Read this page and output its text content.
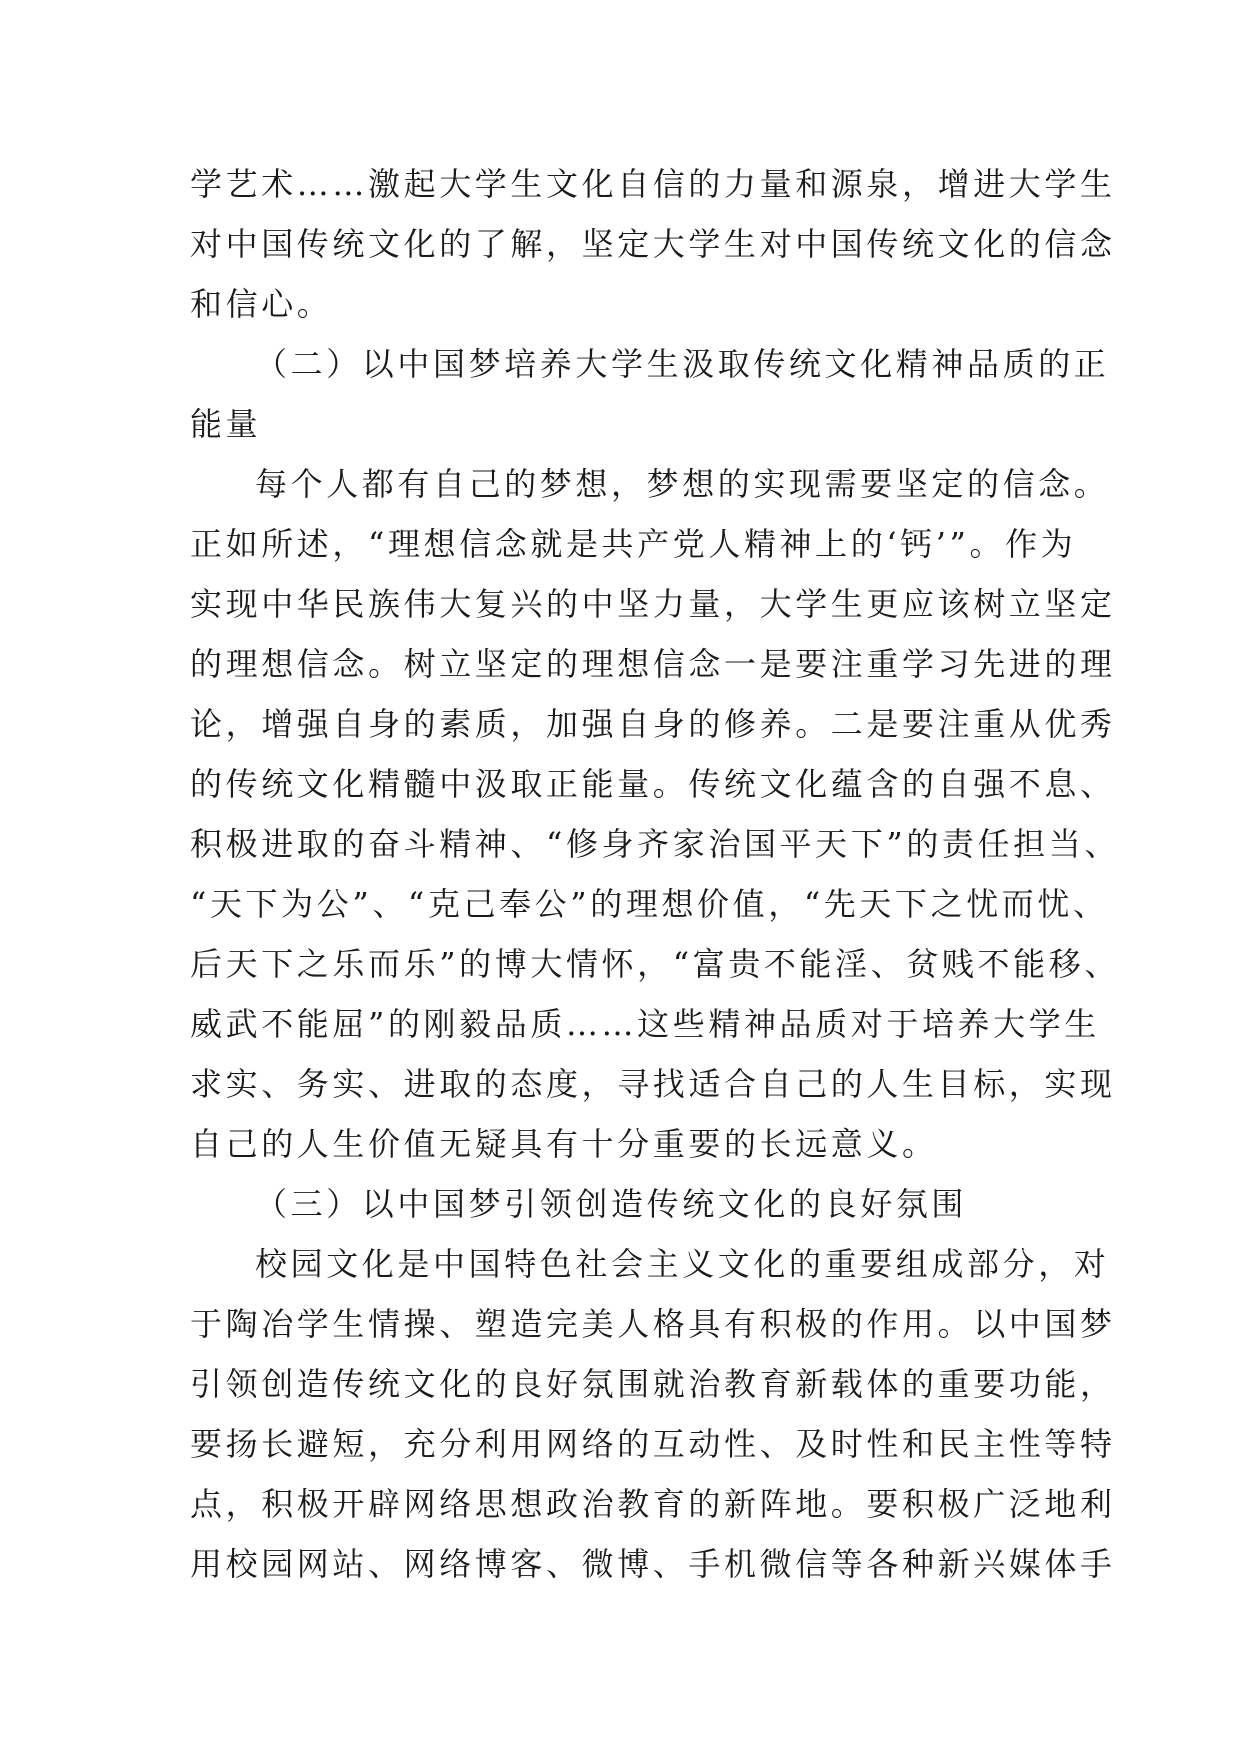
学艺术……激起大学生文化自信的力量和源泉，增进大学生

对中国传统文化的了解，坚定大学生对中国传统文化的信念

和信心。

（二）以中国梦培养大学生汲取传统文化精神品质的正

能量

每个人都有自己的梦想，梦想的实现需要坚定的信念。

正如所述，“理想信念就是共产党人精神上的‘钙’”。作为

实现中华民族伟大复兴的中坚力量，大学生更应该树立坚定

的理想信念。树立坚定的理想信念一是要注重学习先进的理

论，增强自身的素质，加强自身的修养。二是要注重从优秀

的传统文化精髓中汲取正能量。传统文化蕴含的自强不息、

积极进取的奋斗精神、“修身齐家治国平天下”的责任担当、

“天下为公”、“克己奉公”的理想价值，“先天下之忧而忧、

后天下之乐而乐”的博大情怀，“富贵不能淫、贫贱不能移、

威武不能屈”的刚毅品质……这些精神品质对于培养大学生

求实、务实、进取的态度，寻找适合自己的人生目标，实现

自己的人生价值无疑具有十分重要的长远意义。

（三）以中国梦引领创造传统文化的良好氛围

校园文化是中国特色社会主义文化的重要组成部分，对

于陶冶学生情操、塑造完美人格具有积极的作用。以中国梦

引领创造传统文化的良好氛围就治教育新载体的重要功能，

要扬长避短，充分利用网络的互动性、及时性和民主性等特

点，积极开辟网络思想政治教育的新阵地。要积极广泛地利

用校园网站、网络博客、微博、手机微信等各种新兴媒体手
